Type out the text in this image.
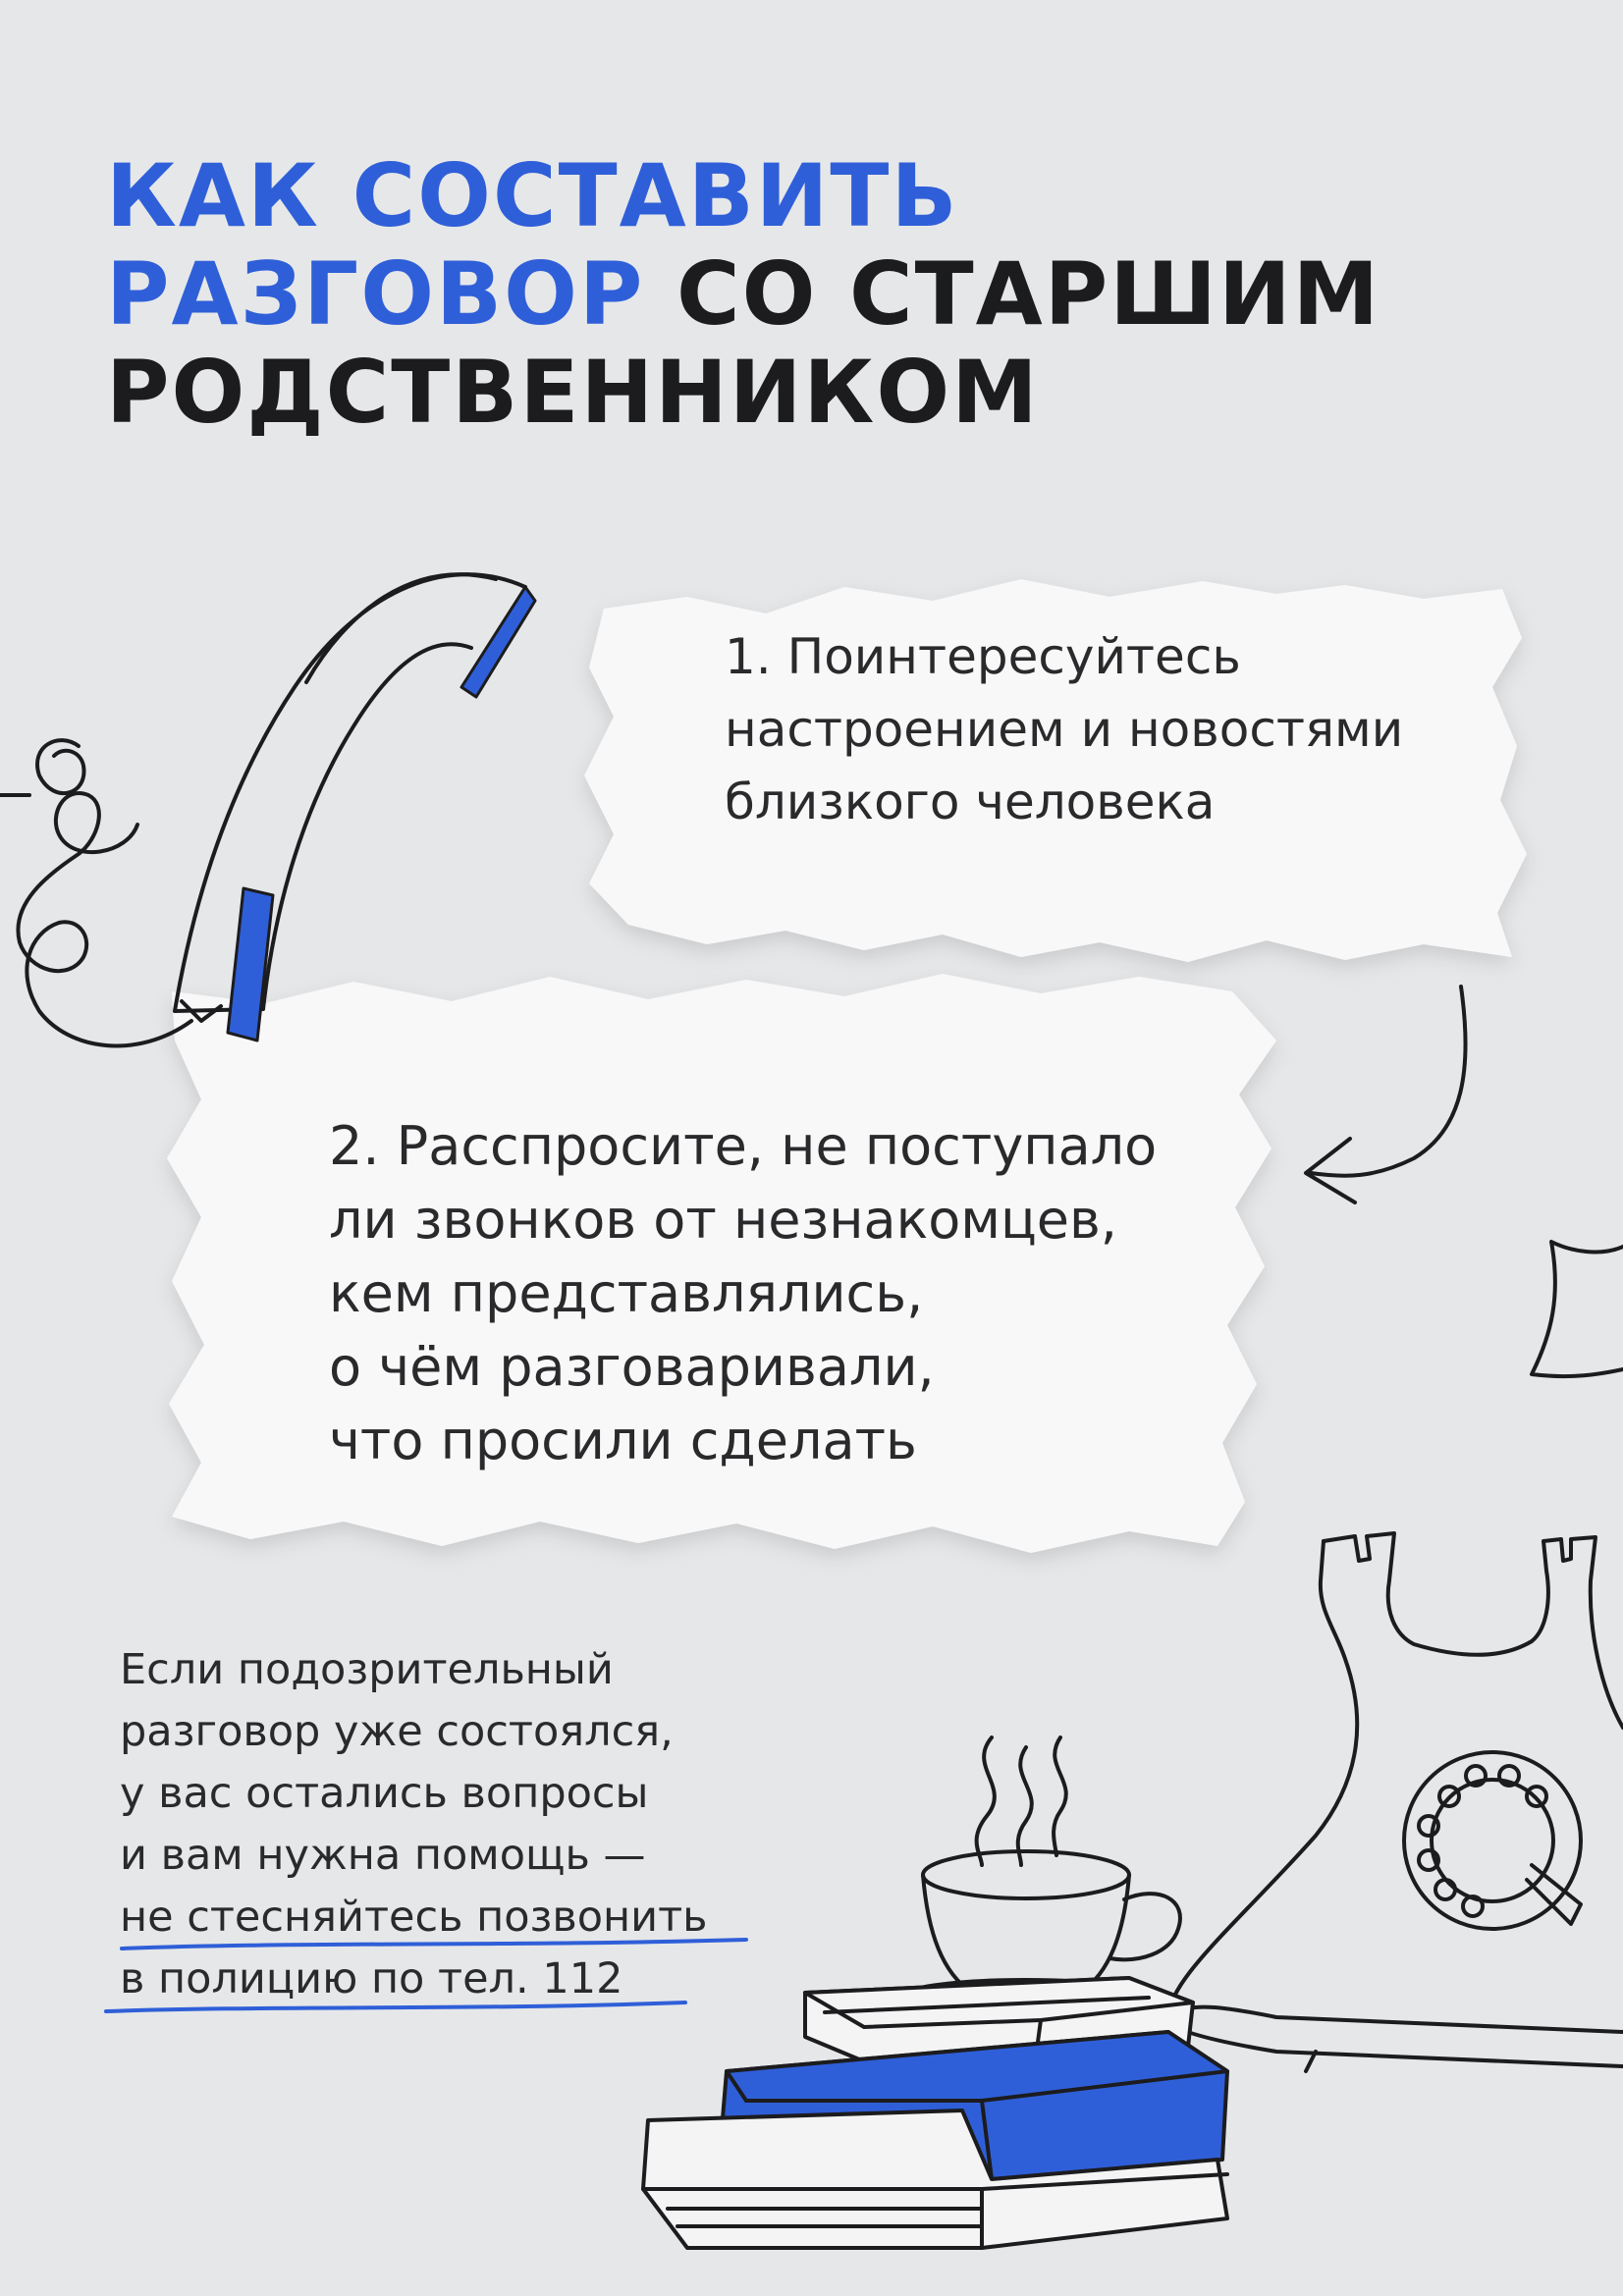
КАК СОСТАВИТЬ
РАЗГОВОР СО СТАРШИМ
РОДСТВЕННИКОМ
1. Поинтересуйтесь
настроением и новостями
близкого человека
2. Расспросите, не поступало
ли звонков от незнакомцев,
кем представлялись,
о чём разговаривали,
что просили сделать
Если подозрительный
разговор уже состоялся,
у вас остались вопросы
и вам нужна помощь —
не стесняйтесь позвонить
в полицию по тел. 112
